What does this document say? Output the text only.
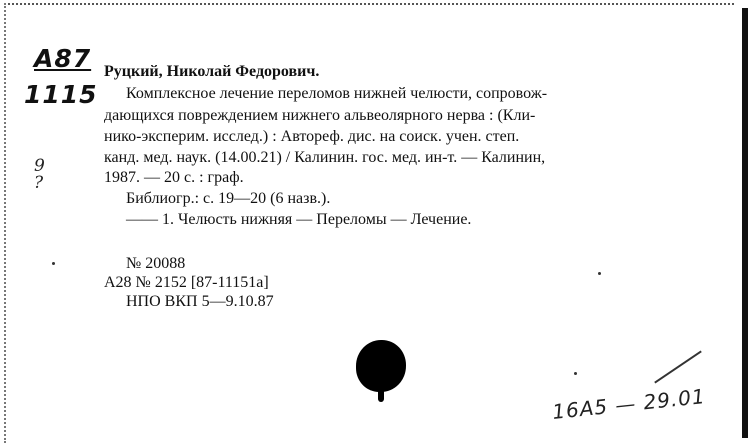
A87
1115
9
?
Руцкий, Николай Федорович.
Комплексное лечение переломов нижней челюсти, сопровож-
дающихся повреждением нижнего альвеолярного нерва : (Кли-
нико-эксперим. исслед.) : Автореф. дис. на соиск. учен. степ.
канд. мед. наук. (14.00.21) / Калинин. гос. мед. ин-т. — Калинин,
1987. — 20 с. : граф.
Библиогр.: с. 19—20 (6 назв.).
—— 1. Челюсть нижняя — Переломы — Лечение.
№ 20088
А28 № 2152 [87-11151а]
НПО ВКП 5—9.10.87
16А5 — 29.01
